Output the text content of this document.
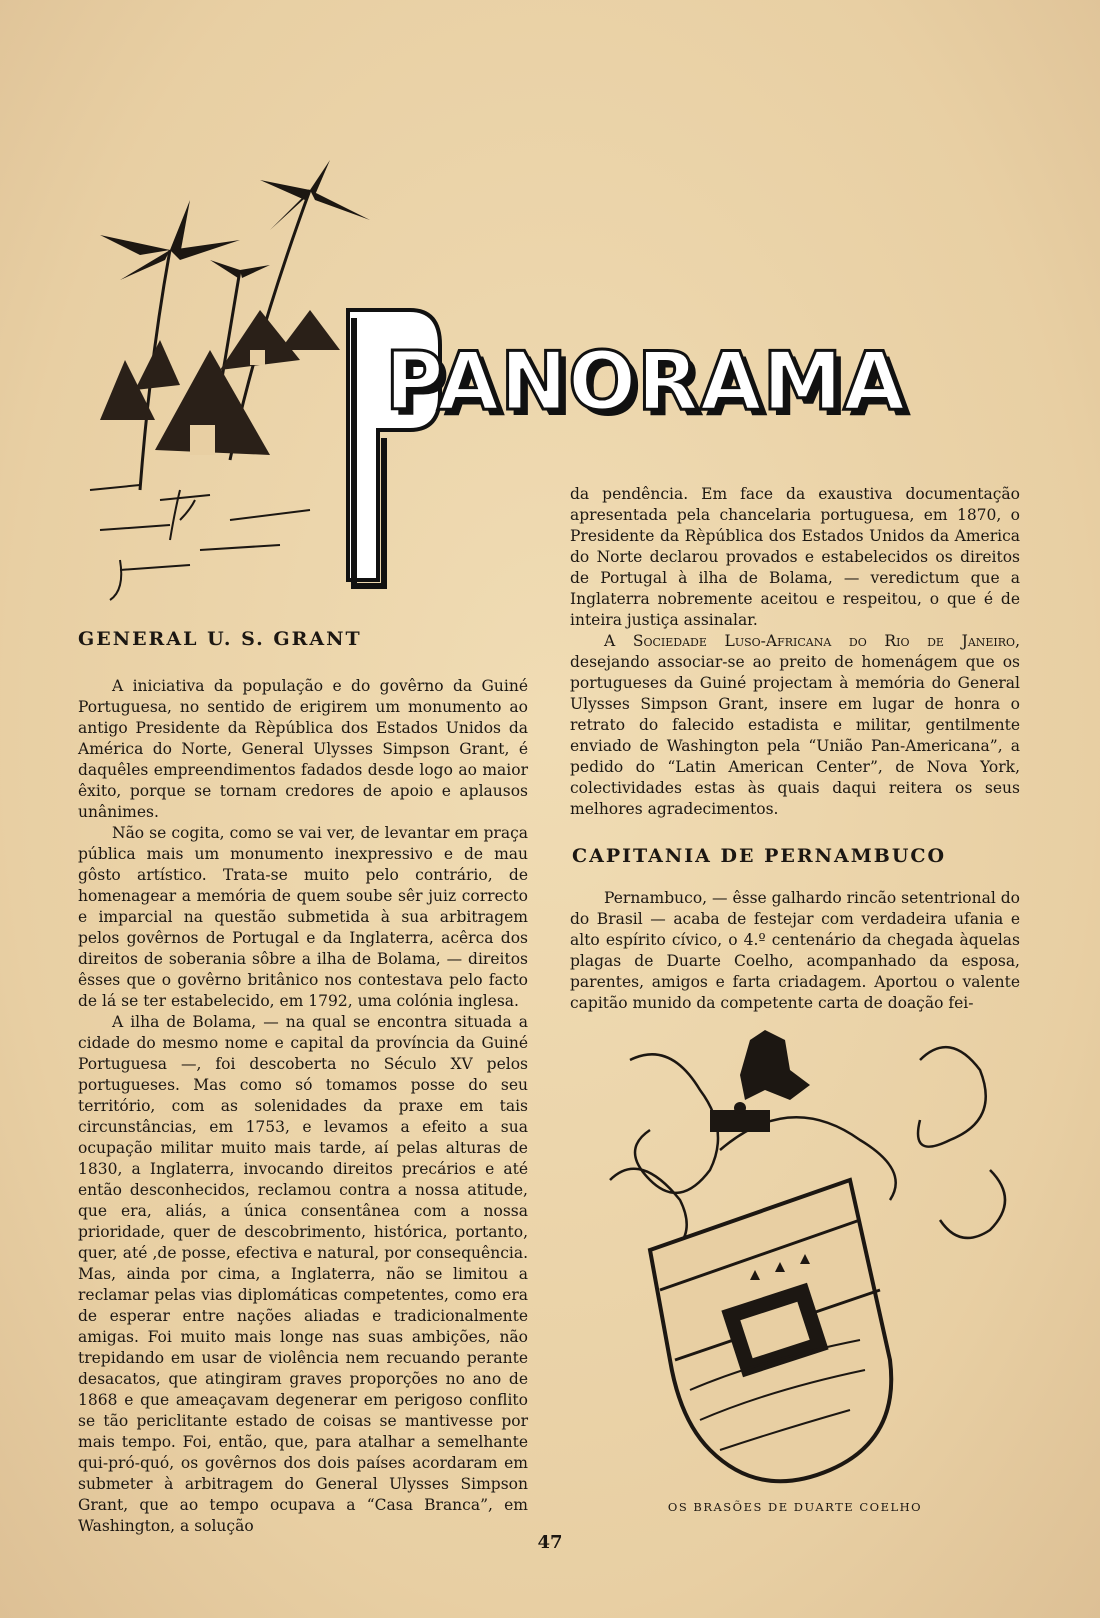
PANORAMA
GENERAL U. S. GRANT

A iniciativa da população e do govêrno da Guiné Portuguesa, no sentido de erigirem um monumento ao antigo Presidente da Rèpública dos Estados Unidos da América do Norte, General Ulysses Simpson Grant, é daquêles empreendimentos fadados desde logo ao maior êxito, porque se tornam credores de apoio e aplausos unânimes.

Não se cogita, como se vai ver, de levantar em praça pública mais um monumento inexpressivo e de mau gôsto artístico. Trata-se muito pelo contrário, de homenagear a memória de quem soube sêr juiz correcto e imparcial na questão submetida à sua arbitragem pelos govêrnos de Portugal e da Inglaterra, acêrca dos direitos de soberania sôbre a ilha de Bolama, — direitos êsses que o govêrno britânico nos contestava pelo facto de lá se ter estabelecido, em 1792, uma colónia inglesa.

A ilha de Bolama, — na qual se encontra situada a cidade do mesmo nome e capital da província da Guiné Portuguesa —, foi descoberta no Século XV pelos portugueses. Mas como só tomamos posse do seu território, com as solenidades da praxe em tais circunstâncias, em 1753, e levamos a efeito a sua ocupação militar muito mais tarde, aí pelas alturas de 1830, a Inglaterra, invocando direitos precários e até então desconhecidos, reclamou contra a nossa atitude, que era, aliás, a única consentânea com a nossa prioridade, quer de descobrimento, histórica, portanto, quer, até ,de posse, efectiva e natural, por consequência. Mas, ainda por cima, a Inglaterra, não se limitou a reclamar pelas vias diplomáticas competentes, como era de esperar entre nações aliadas e tradicionalmente amigas. Foi muito mais longe nas suas ambições, não trepidando em usar de violência nem recuando perante desacatos, que atingiram graves proporções no ano de 1868 e que ameaçavam degenerar em perigoso conflito se tão periclitante estado de coisas se mantivesse por mais tempo. Foi, então, que, para atalhar a semelhante qui-pró-quó, os govêrnos dos dois países acordaram em submeter à arbitragem do General Ulysses Simpson Grant, que ao tempo ocupava a “Casa Branca”, em Washington, a solução

da pendência. Em face da exaustiva documentação apresentada pela chancelaria portuguesa, em 1870, o Presidente da Rèpública dos Estados Unidos da America do Norte declarou provados e estabelecidos os direitos de Portugal à ilha de Bolama, — veredictum que a Inglaterra nobremente aceitou e respeitou, o que é de inteira justiça assinalar.

A Sociedade Luso-Africana do Rio de Janeiro, desejando associar-se ao preito de homenágem que os portugueses da Guiné projectam à memória do General Ulysses Simpson Grant, insere em lugar de honra o retrato do falecido estadista e militar, gentilmente enviado de Washington pela “União Pan-Americana”, a pedido do “Latin American Center”, de Nova York, colectividades estas às quais daqui reitera os seus melhores agradecimentos.

CAPITANIA DE PERNAMBUCO

Pernambuco, — êsse galhardo rincão setentrional do do Brasil — acaba de festejar com verdadeira ufania e alto espírito cívico, o 4.º centenário da chegada àquelas plagas de Duarte Coelho, acompanhado da esposa, parentes, amigos e farta criadagem. Aportou o valente capitão munido da competente carta de doação fei-

OS BRASÕES DE DUARTE COELHO
47
